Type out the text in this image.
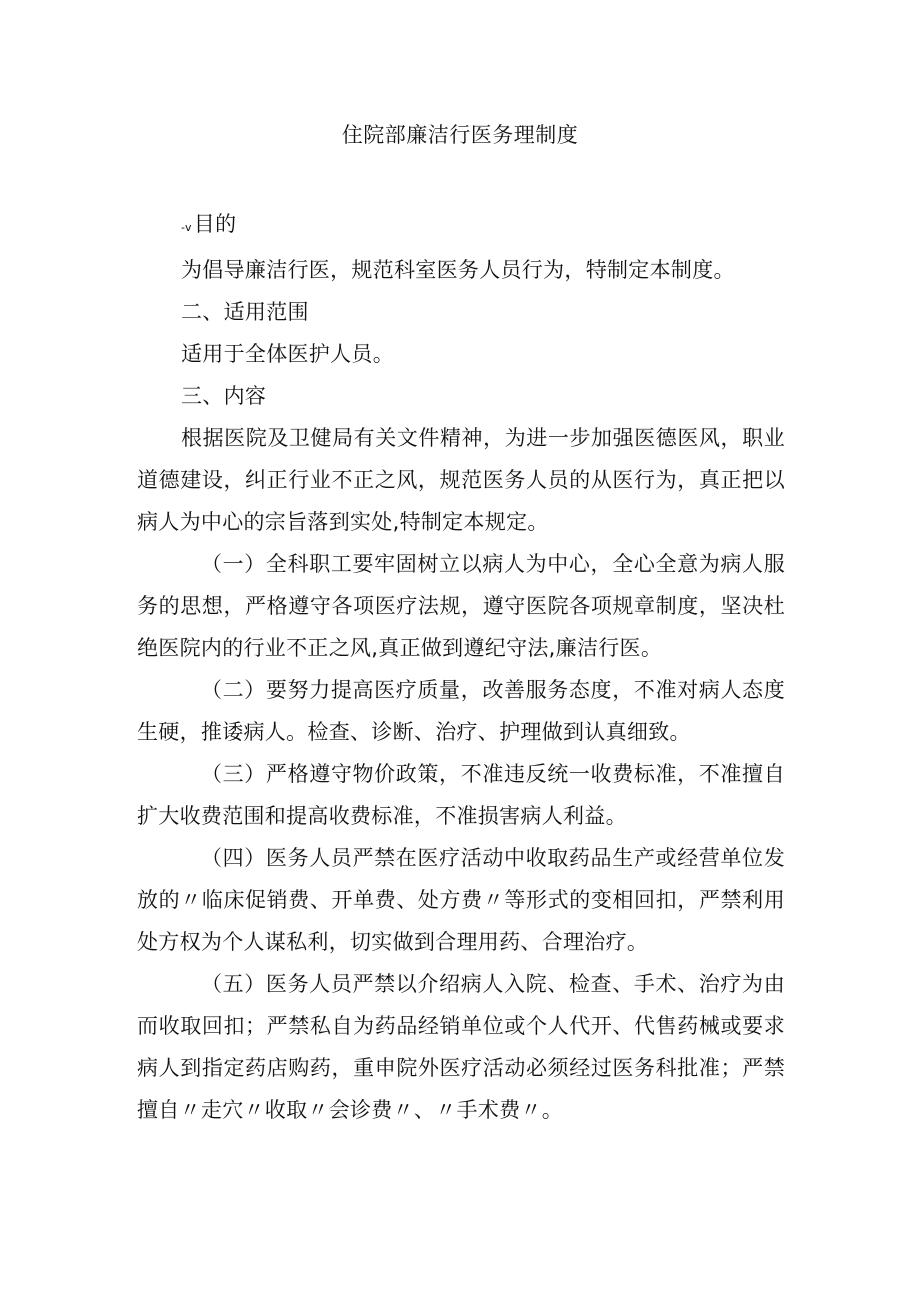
住院部廉洁行医务理制度

-v目的

为倡导廉洁行医，规范科室医务人员行为，特制定本制度。

二、适用范围

适用于全体医护人员。

三、内容

根据医院及卫健局有关文件精神，为进一步加强医德医风，职业道德建设，纠正行业不正之风，规范医务人员的从医行为，真正把以病人为中心的宗旨落到实处,特制定本规定。

（一）全科职工要牢固树立以病人为中心，全心全意为病人服务的思想，严格遵守各项医疗法规，遵守医院各项规章制度，坚决杜绝医院内的行业不正之风,真正做到遵纪守法,廉洁行医。

（二）要努力提高医疗质量，改善服务态度，不准对病人态度生硬，推诿病人。检查、诊断、治疗、护理做到认真细致。

（三）严格遵守物价政策，不准违反统一收费标准，不准擅自扩大收费范围和提高收费标准，不准损害病人利益。

（四）医务人员严禁在医疗活动中收取药品生产或经营单位发放的〃临床促销费、开单费、处方费〃等形式的变相回扣，严禁利用处方权为个人谋私利，切实做到合理用药、合理治疗。

（五）医务人员严禁以介绍病人入院、检查、手术、治疗为由而收取回扣；严禁私自为药品经销单位或个人代开、代售药械或要求病人到指定药店购药，重申院外医疗活动必须经过医务科批准；严禁擅自〃走穴〃收取〃会诊费〃、〃手术费〃。
